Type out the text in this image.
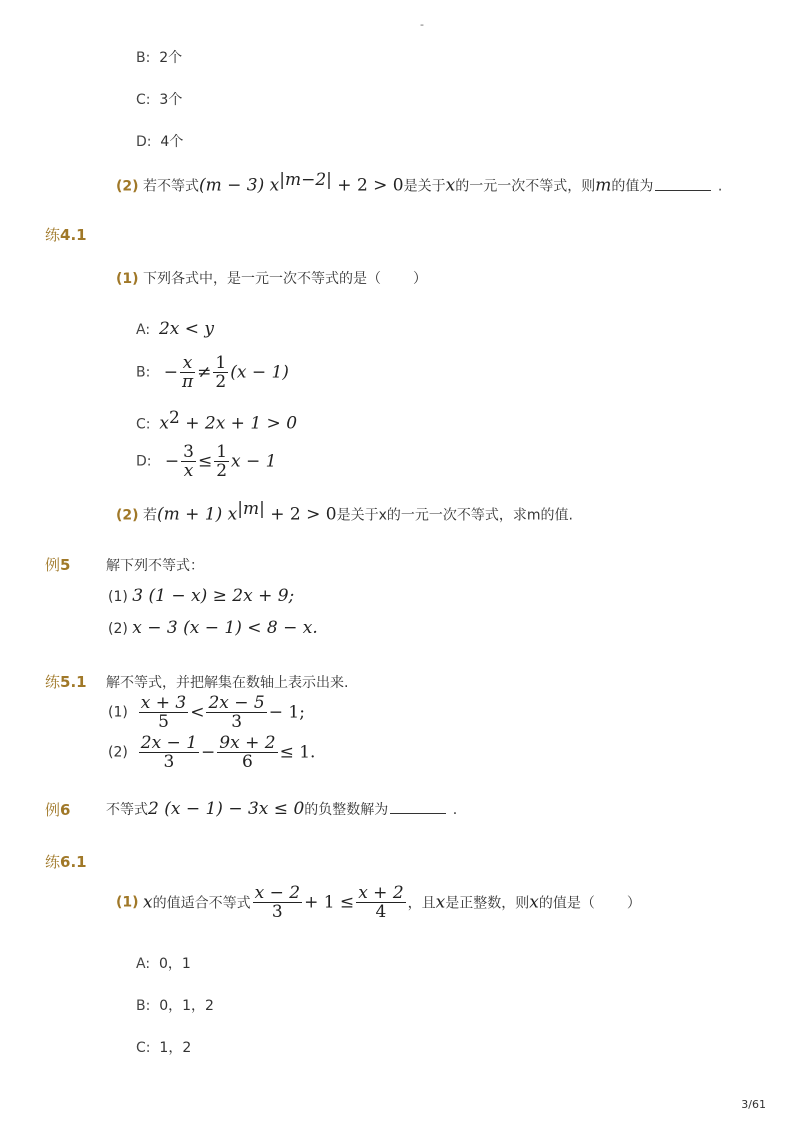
-
B: 2个
C: 3个
D: 4个
(2) 若不等式(m − 3) $x^{|m-2|} + 2 > 0$是关于x的一元一次不等式，则m的值为	.
练4.1
(1) 下列各式中，是一元一次不等式的是（ ）
A: 2x < y
B: − $\frac{x}{\pi} \ne \frac{1}{2} (x - 1)$
C: $x^2 + 2x + 1 > 0$
D: − $\frac{3}{x} \le \frac{1}{2}$ x − 1
(2) 若(m + 1) $x^{|m|} + 2 > 0$是关于x的一元一次不等式，求m的值.
例5	解下列不等式：
(1) 3 (1 − x) ≥ 2x + 9;
(2) x − 3 (x − 1) < 8 − x.
练5.1 解不等式，并把解集在数轴上表示出来.
$(1) \frac{x + 3}{5} < \frac{2x - 5}{3} - 1$;
$(2) \frac{2x - 1}{3} - \frac{9x + 2}{6} \le 1$.
例6	不等式2 (x − 1) − 3x ≤ 0的负整数解为	.
练6.1
(1) x的值适合不等式 $\frac{x - 2}{3} + 1 \le \frac{x + 2}{4}$ ，且x是正整数，则x的值是（ ）
A: 0，1
B: 0，1，2
C: 1，2
3/61
